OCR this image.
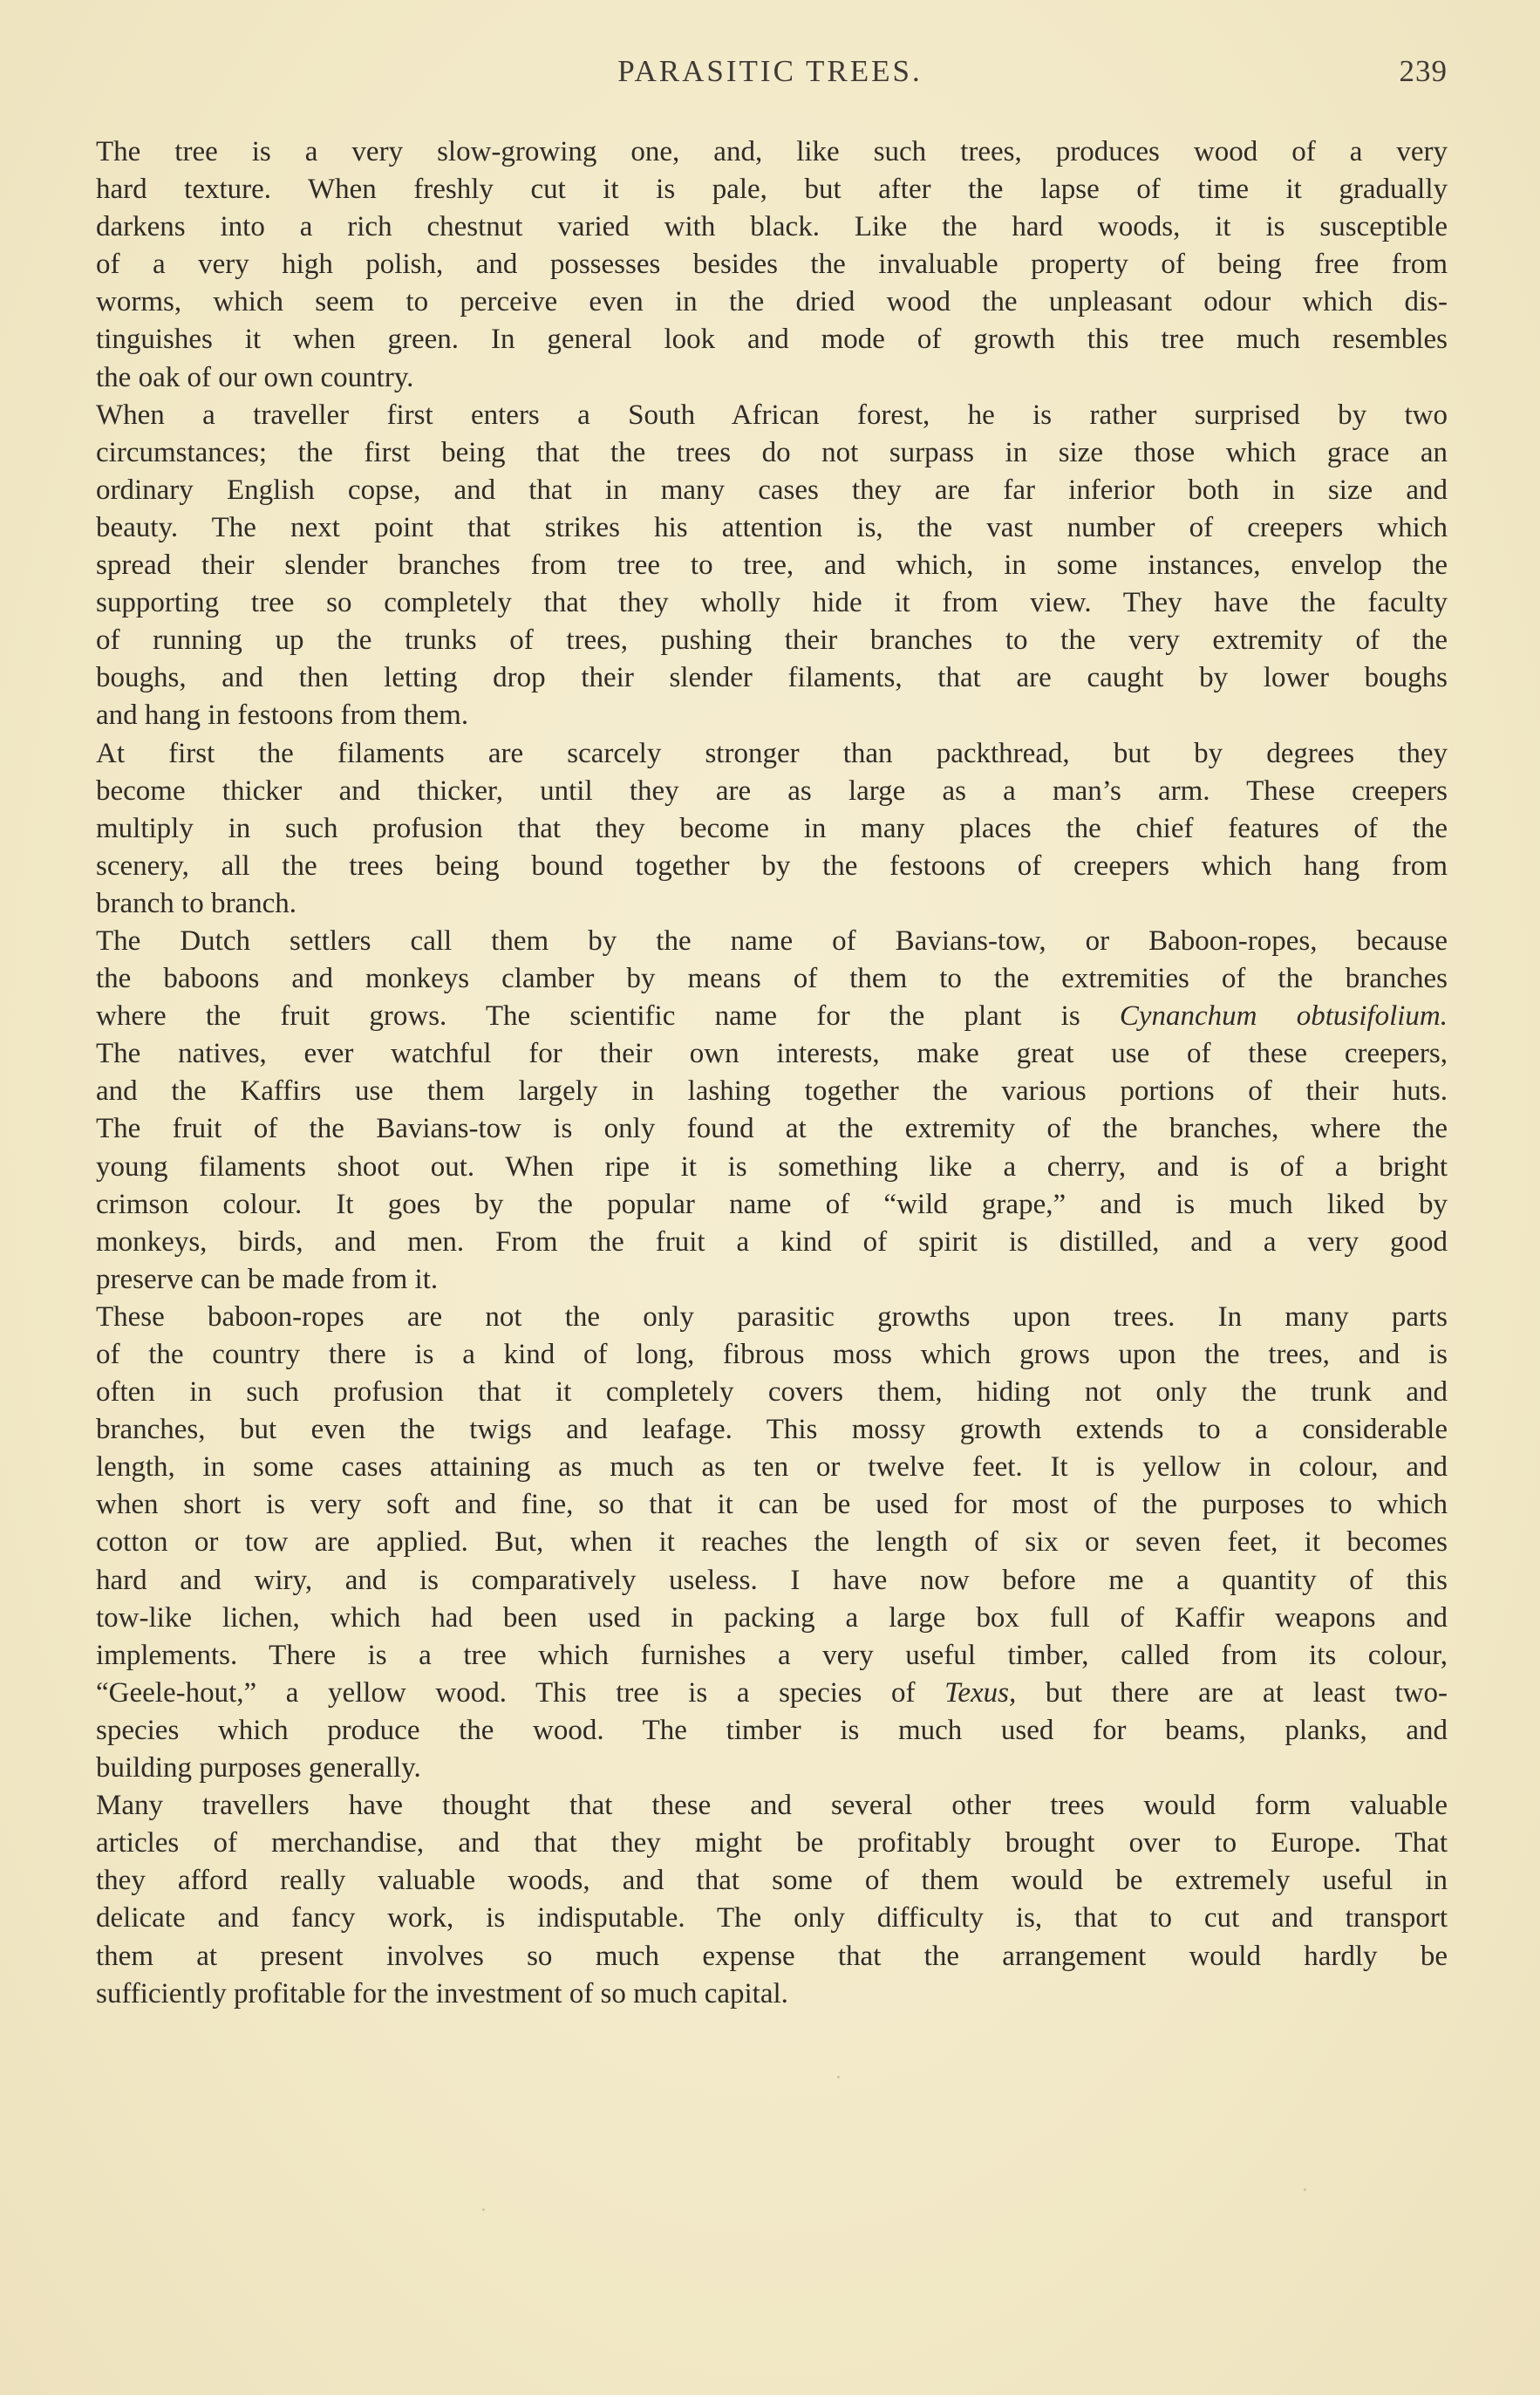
PARASITIC TREES.	239

The tree is a very slow-growing one, and, like such trees, produces wood of a very
hard texture. When freshly cut it is pale, but after the lapse of time it gradually
darkens into a rich chestnut varied with black. Like the hard woods, it is susceptible
of a very high polish, and possesses besides the invaluable property of being free from
worms, which seem to perceive even in the dried wood the unpleasant odour which dis-
tinguishes it when green. In general look and mode of growth this tree much resembles
the oak of our own country.

When a traveller first enters a South African forest, he is rather surprised by two
circumstances; the first being that the trees do not surpass in size those which grace an
ordinary English copse, and that in many cases they are far inferior both in size and
beauty. The next point that strikes his attention is, the vast number of creepers which
spread their slender branches from tree to tree, and which, in some instances, envelop the
supporting tree so completely that they wholly hide it from view. They have the faculty
of running up the trunks of trees, pushing their branches to the very extremity of the
boughs, and then letting drop their slender filaments, that are caught by lower boughs
and hang in festoons from them.

At first the filaments are scarcely stronger than packthread, but by degrees they
become thicker and thicker, until they are as large as a man’s arm. These creepers
multiply in such profusion that they become in many places the chief features of the
scenery, all the trees being bound together by the festoons of creepers which hang from
branch to branch.

The Dutch settlers call them by the name of Bavians-tow, or Baboon-ropes, because
the baboons and monkeys clamber by means of them to the extremities of the branches
where the fruit grows. The scientific name for the plant is Cynanchum obtusifolium.
The natives, ever watchful for their own interests, make great use of these creepers,
and the Kaffirs use them largely in lashing together the various portions of their huts.
The fruit of the Bavians-tow is only found at the extremity of the branches, where the
young filaments shoot out. When ripe it is something like a cherry, and is of a bright
crimson colour. It goes by the popular name of “wild grape,” and is much liked by
monkeys, birds, and men. From the fruit a kind of spirit is distilled, and a very good
preserve can be made from it.

These baboon-ropes are not the only parasitic growths upon trees. In many parts
of the country there is a kind of long, fibrous moss which grows upon the trees, and is
often in such profusion that it completely covers them, hiding not only the trunk and
branches, but even the twigs and leafage. This mossy growth extends to a considerable
length, in some cases attaining as much as ten or twelve feet. It is yellow in colour, and
when short is very soft and fine, so that it can be used for most of the purposes to which
cotton or tow are applied. But, when it reaches the length of six or seven feet, it becomes
hard and wiry, and is comparatively useless. I have now before me a quantity of this
tow-like lichen, which had been used in packing a large box full of Kaffir weapons and
implements. There is a tree which furnishes a very useful timber, called from its colour,
“Geele-hout,” a yellow wood. This tree is a species of Texus, but there are at least two-
species which produce the wood. The timber is much used for beams, planks, and
building purposes generally.

Many travellers have thought that these and several other trees would form valuable
articles of merchandise, and that they might be profitably brought over to Europe. That
they afford really valuable woods, and that some of them would be extremely useful in
delicate and fancy work, is indisputable. The only difficulty is, that to cut and transport
them at present involves so much expense that the arrangement would hardly be
sufficiently profitable for the investment of so much capital.
